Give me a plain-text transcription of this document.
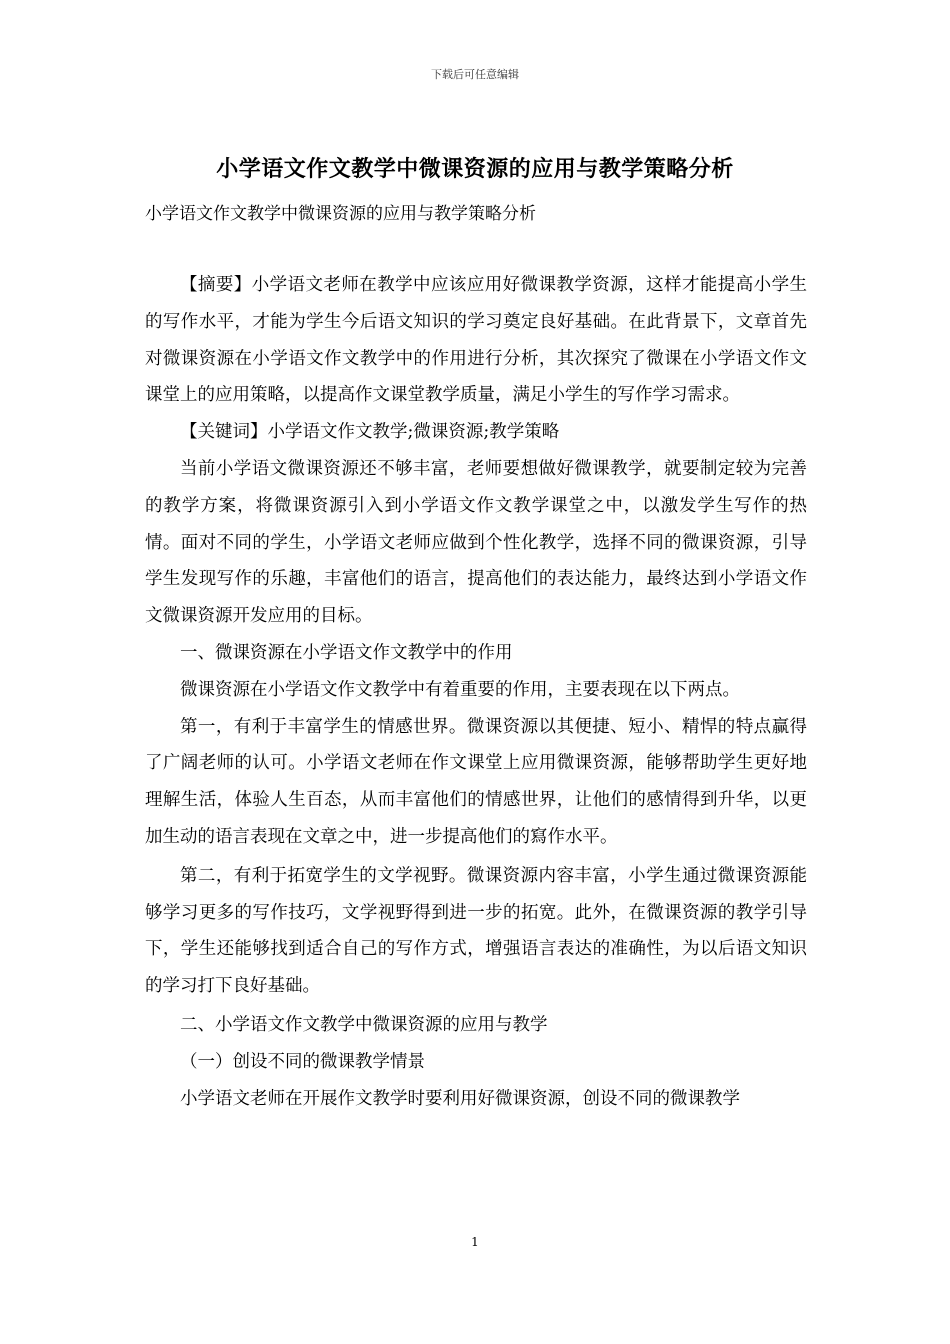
下载后可任意编辑
小学语文作文教学中微课资源的应用与教学策略分析
小学语文作文教学中微课资源的应用与教学策略分析

【摘要】小学语文老师在教学中应该应用好微课教学资源，这样才能提高小学生的写作水平，才能为学生今后语文知识的学习奠定良好基础。在此背景下，文章首先对微课资源在小学语文作文教学中的作用进行分析，其次探究了微课在小学语文作文课堂上的应用策略，以提高作文课堂教学质量，满足小学生的写作学习需求。

【关键词】小学语文作文教学;微课资源;教学策略

当前小学语文微课资源还不够丰富，老师要想做好微课教学，就要制定较为完善的教学方案，将微课资源引入到小学语文作文教学课堂之中，以激发学生写作的热情。面对不同的学生，小学语文老师应做到个性化教学，选择不同的微课资源，引导学生发现写作的乐趣，丰富他们的语言，提高他们的表达能力，最终达到小学语文作文微课资源开发应用的目标。

一、微课资源在小学语文作文教学中的作用

微课资源在小学语文作文教学中有着重要的作用，主要表现在以下两点。

第一，有利于丰富学生的情感世界。微课资源以其便捷、短小、精悍的特点赢得了广阔老师的认可。小学语文老师在作文课堂上应用微课资源，能够帮助学生更好地理解生活，体验人生百态，从而丰富他们的情感世界，让他们的感情得到升华，以更加生动的语言表现在文章之中，进一步提高他们的寫作水平。

第二，有利于拓宽学生的文学视野。微课资源内容丰富，小学生通过微课资源能够学习更多的写作技巧，文学视野得到进一步的拓宽。此外，在微课资源的教学引导下，学生还能够找到适合自己的写作方式，增强语言表达的准确性，为以后语文知识的学习打下良好基础。

二、小学语文作文教学中微课资源的应用与教学

（一）创设不同的微课教学情景

小学语文老师在开展作文教学时要利用好微课资源，创设不同的微课教学

1
